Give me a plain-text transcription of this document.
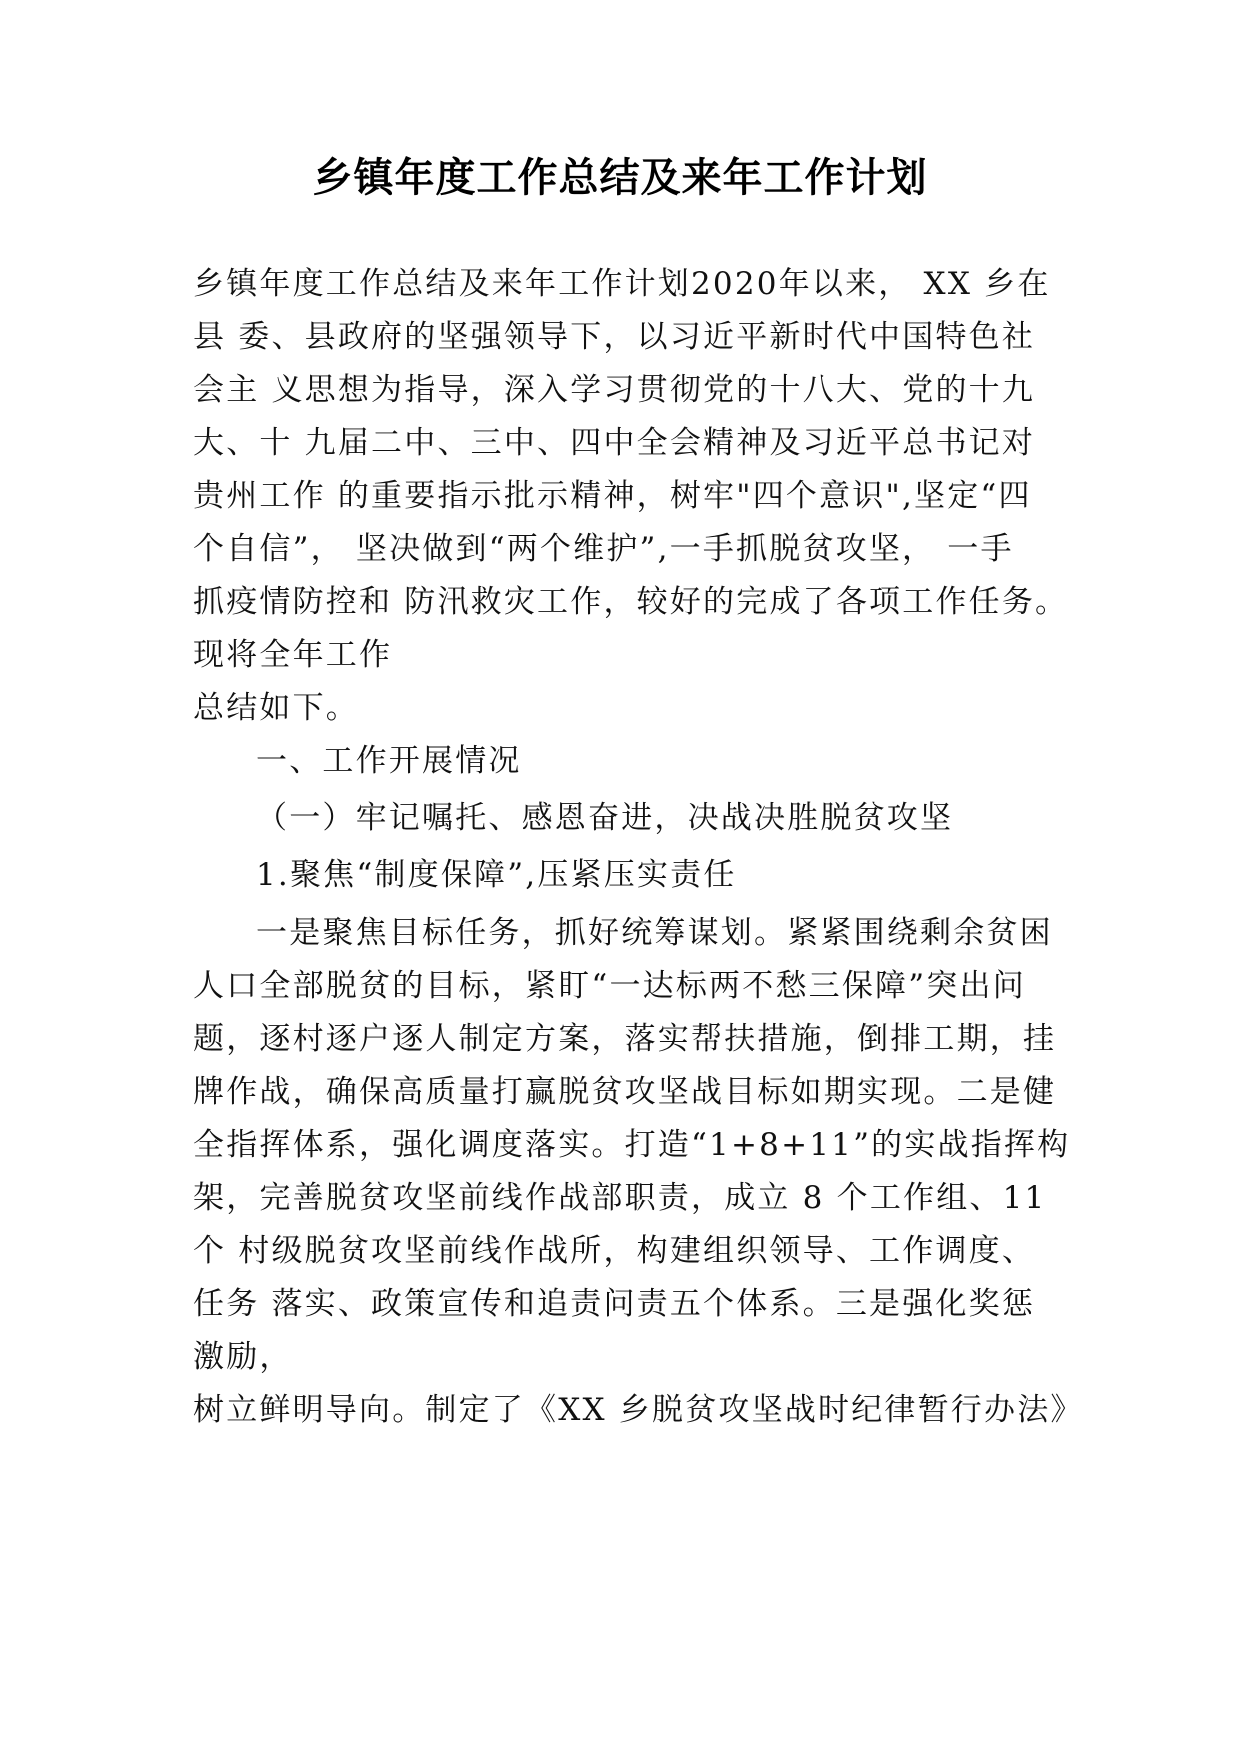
乡镇年度工作总结及来年工作计划
乡镇年度工作总结及来年工作计划2020年以来， XX 乡在
县 委、县政府的坚强领导下，以习近平新时代中国特色社
会主 义思想为指导，深入学习贯彻党的十八大、党的十九
大、十 九届二中、三中、四中全会精神及习近平总书记对
贵州工作 的重要指示批示精神，树牢"四个意识",坚定“四
个自信”， 坚决做到“两个维护”,一手抓脱贫攻坚， 一手
抓疫情防控和 防汛救灾工作，较好的完成了各项工作任务。
现将全年工作
总结如下。
一、工作开展情况
（一）牢记嘱托、感恩奋进，决战决胜脱贫攻坚
1.聚焦“制度保障”,压紧压实责任
一是聚焦目标任务，抓好统筹谋划。紧紧围绕剩余贫困
人口全部脱贫的目标，紧盯“一达标两不愁三保障”突出问
题，逐村逐户逐人制定方案，落实帮扶措施，倒排工期，挂
牌作战，确保高质量打赢脱贫攻坚战目标如期实现。二是健
全指挥体系，强化调度落实。打造“1+8+11”的实战指挥构
架，完善脱贫攻坚前线作战部职责，成立 8 个工作组、11
个 村级脱贫攻坚前线作战所，构建组织领导、工作调度、
任务 落实、政策宣传和追责问责五个体系。三是强化奖惩
激励，
树立鲜明导向。制定了《XX 乡脱贫攻坚战时纪律暂行办法》
